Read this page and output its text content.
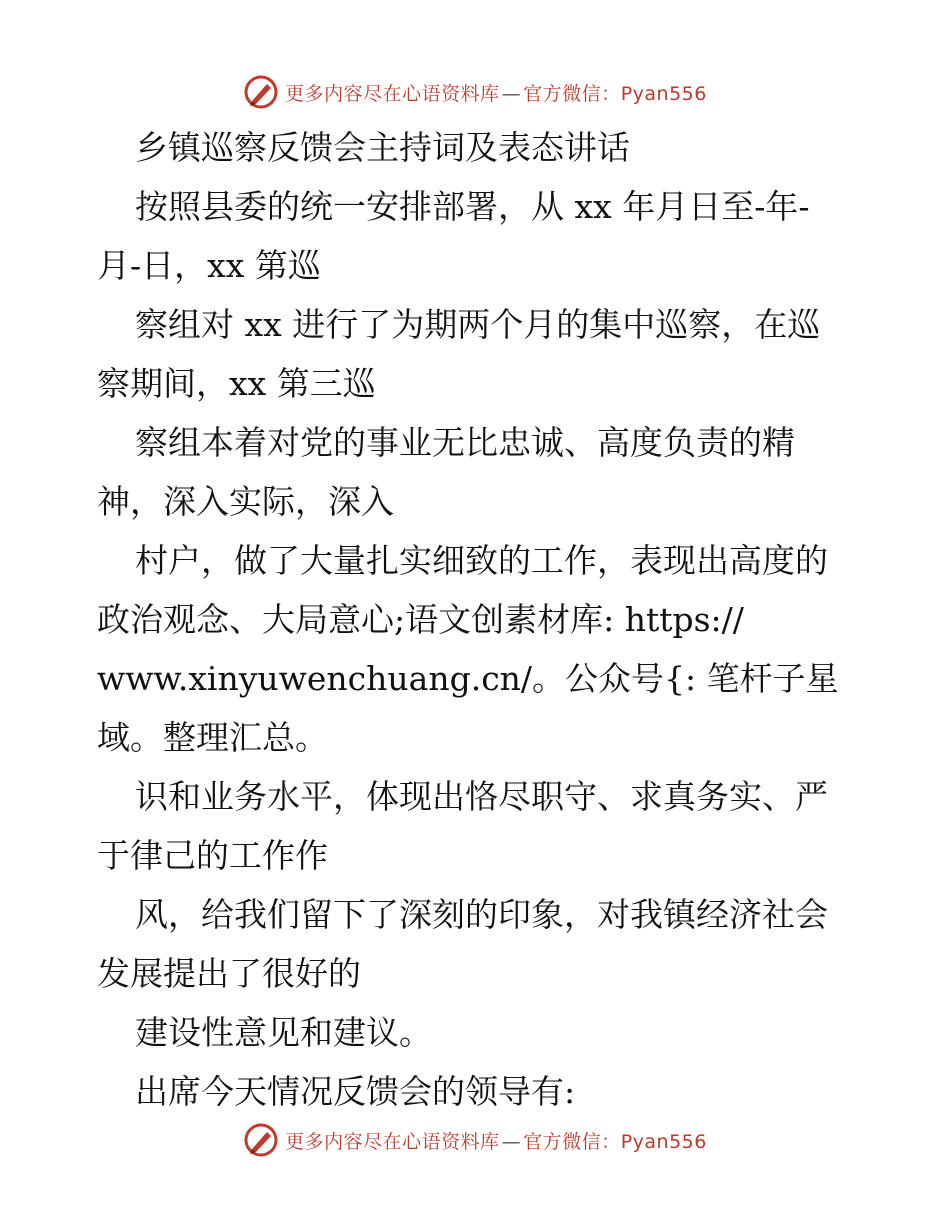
更多内容尽在心语资料库 — 官方微信：Pyan556
乡镇巡察反馈会主持词及表态讲话
按照县委的统一安排部署，从 xx 年月日至-年-
月-日，xx 第巡
察组对 xx 进行了为期两个月的集中巡察，在巡
察期间，xx 第三巡
察组本着对党的事业无比忠诚、高度负责的精
神，深入实际，深入
村户，做了大量扎实细致的工作，表现出高度的
政治观念、大局意心;语文创素材库: https://
www.xinyuwenchuang.cn/。公众号{: 笔杆子星
域。整理汇总。
识和业务水平，体现出恪尽职守、求真务实、严
于律己的工作作
风，给我们留下了深刻的印象，对我镇经济社会
发展提出了很好的
建设性意见和建议。
出席今天情况反馈会的领导有:
更多内容尽在心语资料库 — 官方微信：Pyan556
